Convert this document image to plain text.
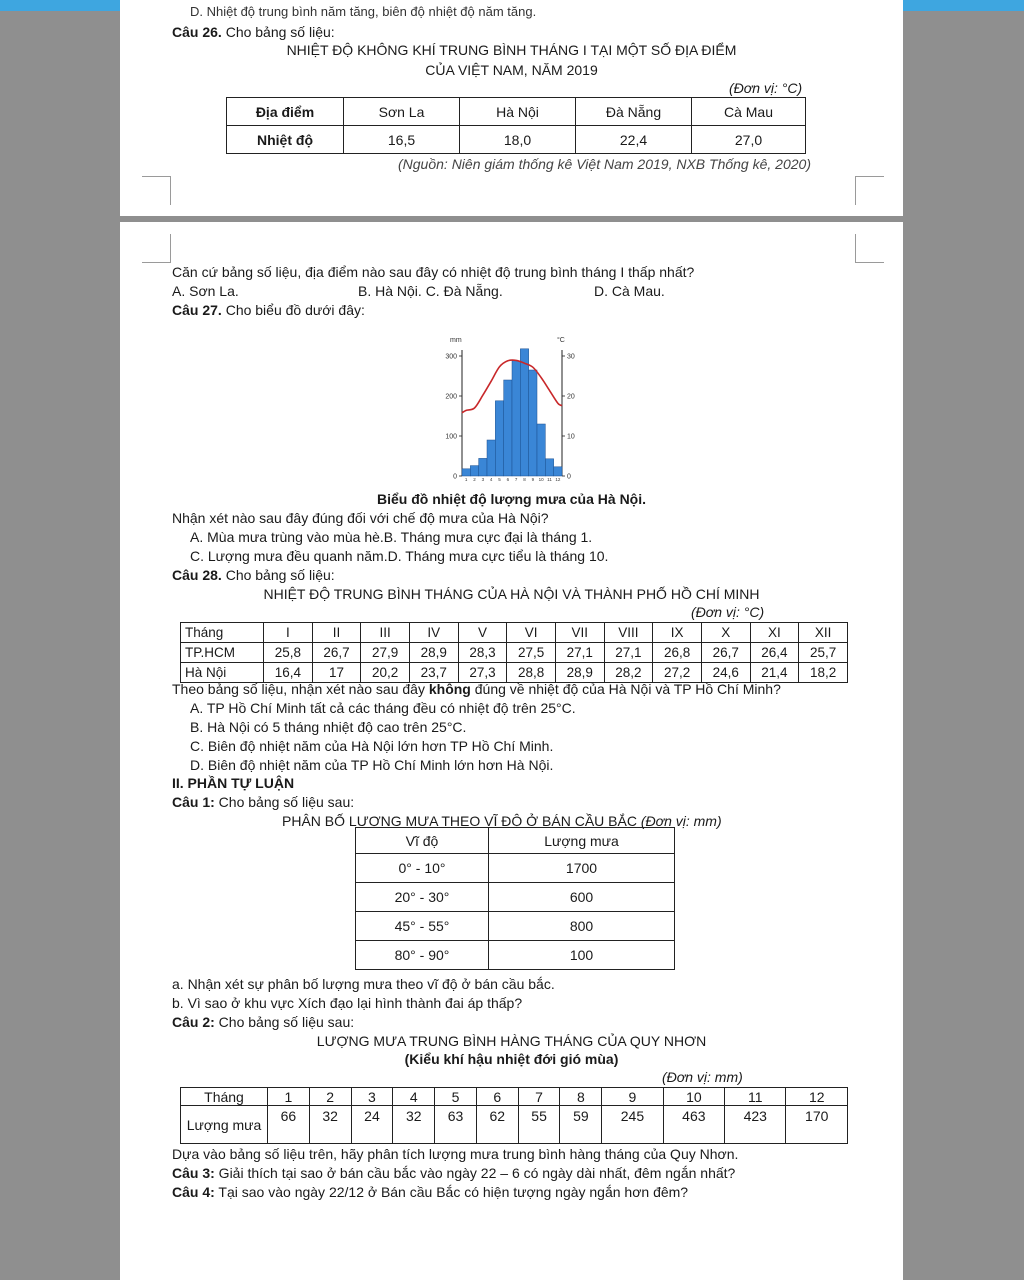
D. Nhiệt độ trung bình năm tăng, biên độ nhiệt độ năm tăng.
Câu 26. Cho bảng số liệu:
NHIỆT ĐỘ KHÔNG KHÍ TRUNG BÌNH THÁNG I TẠI MỘT SỐ ĐỊA ĐIỂM
CỦA VIỆT NAM, NĂM 2019
(Đơn vị: °C)
Địa điểm	Sơn La	Hà Nội	Đà Nẵng	Cà Mau
Nhiệt độ	16,5	18,0	22,4	27,0
(Nguồn: Niên giám thống kê Việt Nam 2019, NXB Thống kê, 2020)
Căn cứ bảng số liệu, địa điểm nào sau đây có nhiệt độ trung bình tháng I thấp nhất?
A. Sơn La.	B. Hà Nội. C. Đà Nẵng.	D. Cà Mau.
Câu 27. Cho biểu đồ dưới đây:
mm	°C
1 2 3 4 5 6 7 8 9 10 11 12
0
100
200
300
0
10
20
30
Biểu đồ nhiệt độ lượng mưa của Hà Nội.
Nhận xét nào sau đây đúng đối với chế độ mưa của Hà Nội?
A. Mùa mưa trùng vào mùa hè.B. Tháng mưa cực đại là tháng 1.
C. Lượng mưa đều quanh năm.D. Tháng mưa cực tiểu là tháng 10.
Câu 28. Cho bảng số liệu:
NHIỆT ĐỘ TRUNG BÌNH THÁNG CỦA HÀ NỘI VÀ THÀNH PHỐ HỒ CHÍ MINH
(Đơn vị: °C)
Tháng	I	II	III	IV	V	VI	VII	VIII	IX	X	XI	XII
TP.HCM	25,8	26,7	27,9	28,9	28,3	27,5	27,1	27,1	26,8	26,7	26,4	25,7
Hà Nội	16,4	17	20,2	23,7	27,3	28,8	28,9	28,2	27,2	24,6	21,4	18,2
Theo bảng số liệu, nhận xét nào sau đây không đúng về nhiệt độ của Hà Nội và TP Hồ Chí Minh?
A. TP Hồ Chí Minh tất cả các tháng đều có nhiệt độ trên 25°C.
B. Hà Nội có 5 tháng nhiệt độ cao trên 25°C.
C. Biên độ nhiệt năm của Hà Nội lớn hơn TP Hồ Chí Minh.
D. Biên độ nhiệt năm của TP Hồ Chí Minh lớn hơn Hà Nội.
II. PHẦN TỰ LUẬN
Câu 1: Cho bảng số liệu sau:
PHÂN BỐ LƯỢNG MƯA THEO VĨ ĐỘ Ở BÁN CẦU BẮC (Đơn vị: mm)
Vĩ độ	Lượng mưa
0° - 10°	1700
20° - 30°	600
45° - 55°	800
80° - 90°	100
a. Nhận xét sự phân bố lượng mưa theo vĩ độ ở bán cầu bắc.
b. Vì sao ở khu vực Xích đạo lại hình thành đai áp thấp?
Câu 2: Cho bảng số liệu sau:
LƯỢNG MƯA TRUNG BÌNH HÀNG THÁNG CỦA QUY NHƠN
(Kiểu khí hậu nhiệt đới gió mùa)
(Đơn vị: mm)
Tháng	1	2	3	4	5	6	7	8	9	10	11	12
Lượng mưa	66	32	24	32	63	62	55	59	245	463	423	170
Dựa vào bảng số liệu trên, hãy phân tích lượng mưa trung bình hàng tháng của Quy Nhơn.
Câu 3: Giải thích tại sao ở bán cầu bắc vào ngày 22 – 6 có ngày dài nhất, đêm ngắn nhất?
Câu 4: Tại sao vào ngày 22/12 ở Bán cầu Bắc có hiện tượng ngày ngắn hơn đêm?
